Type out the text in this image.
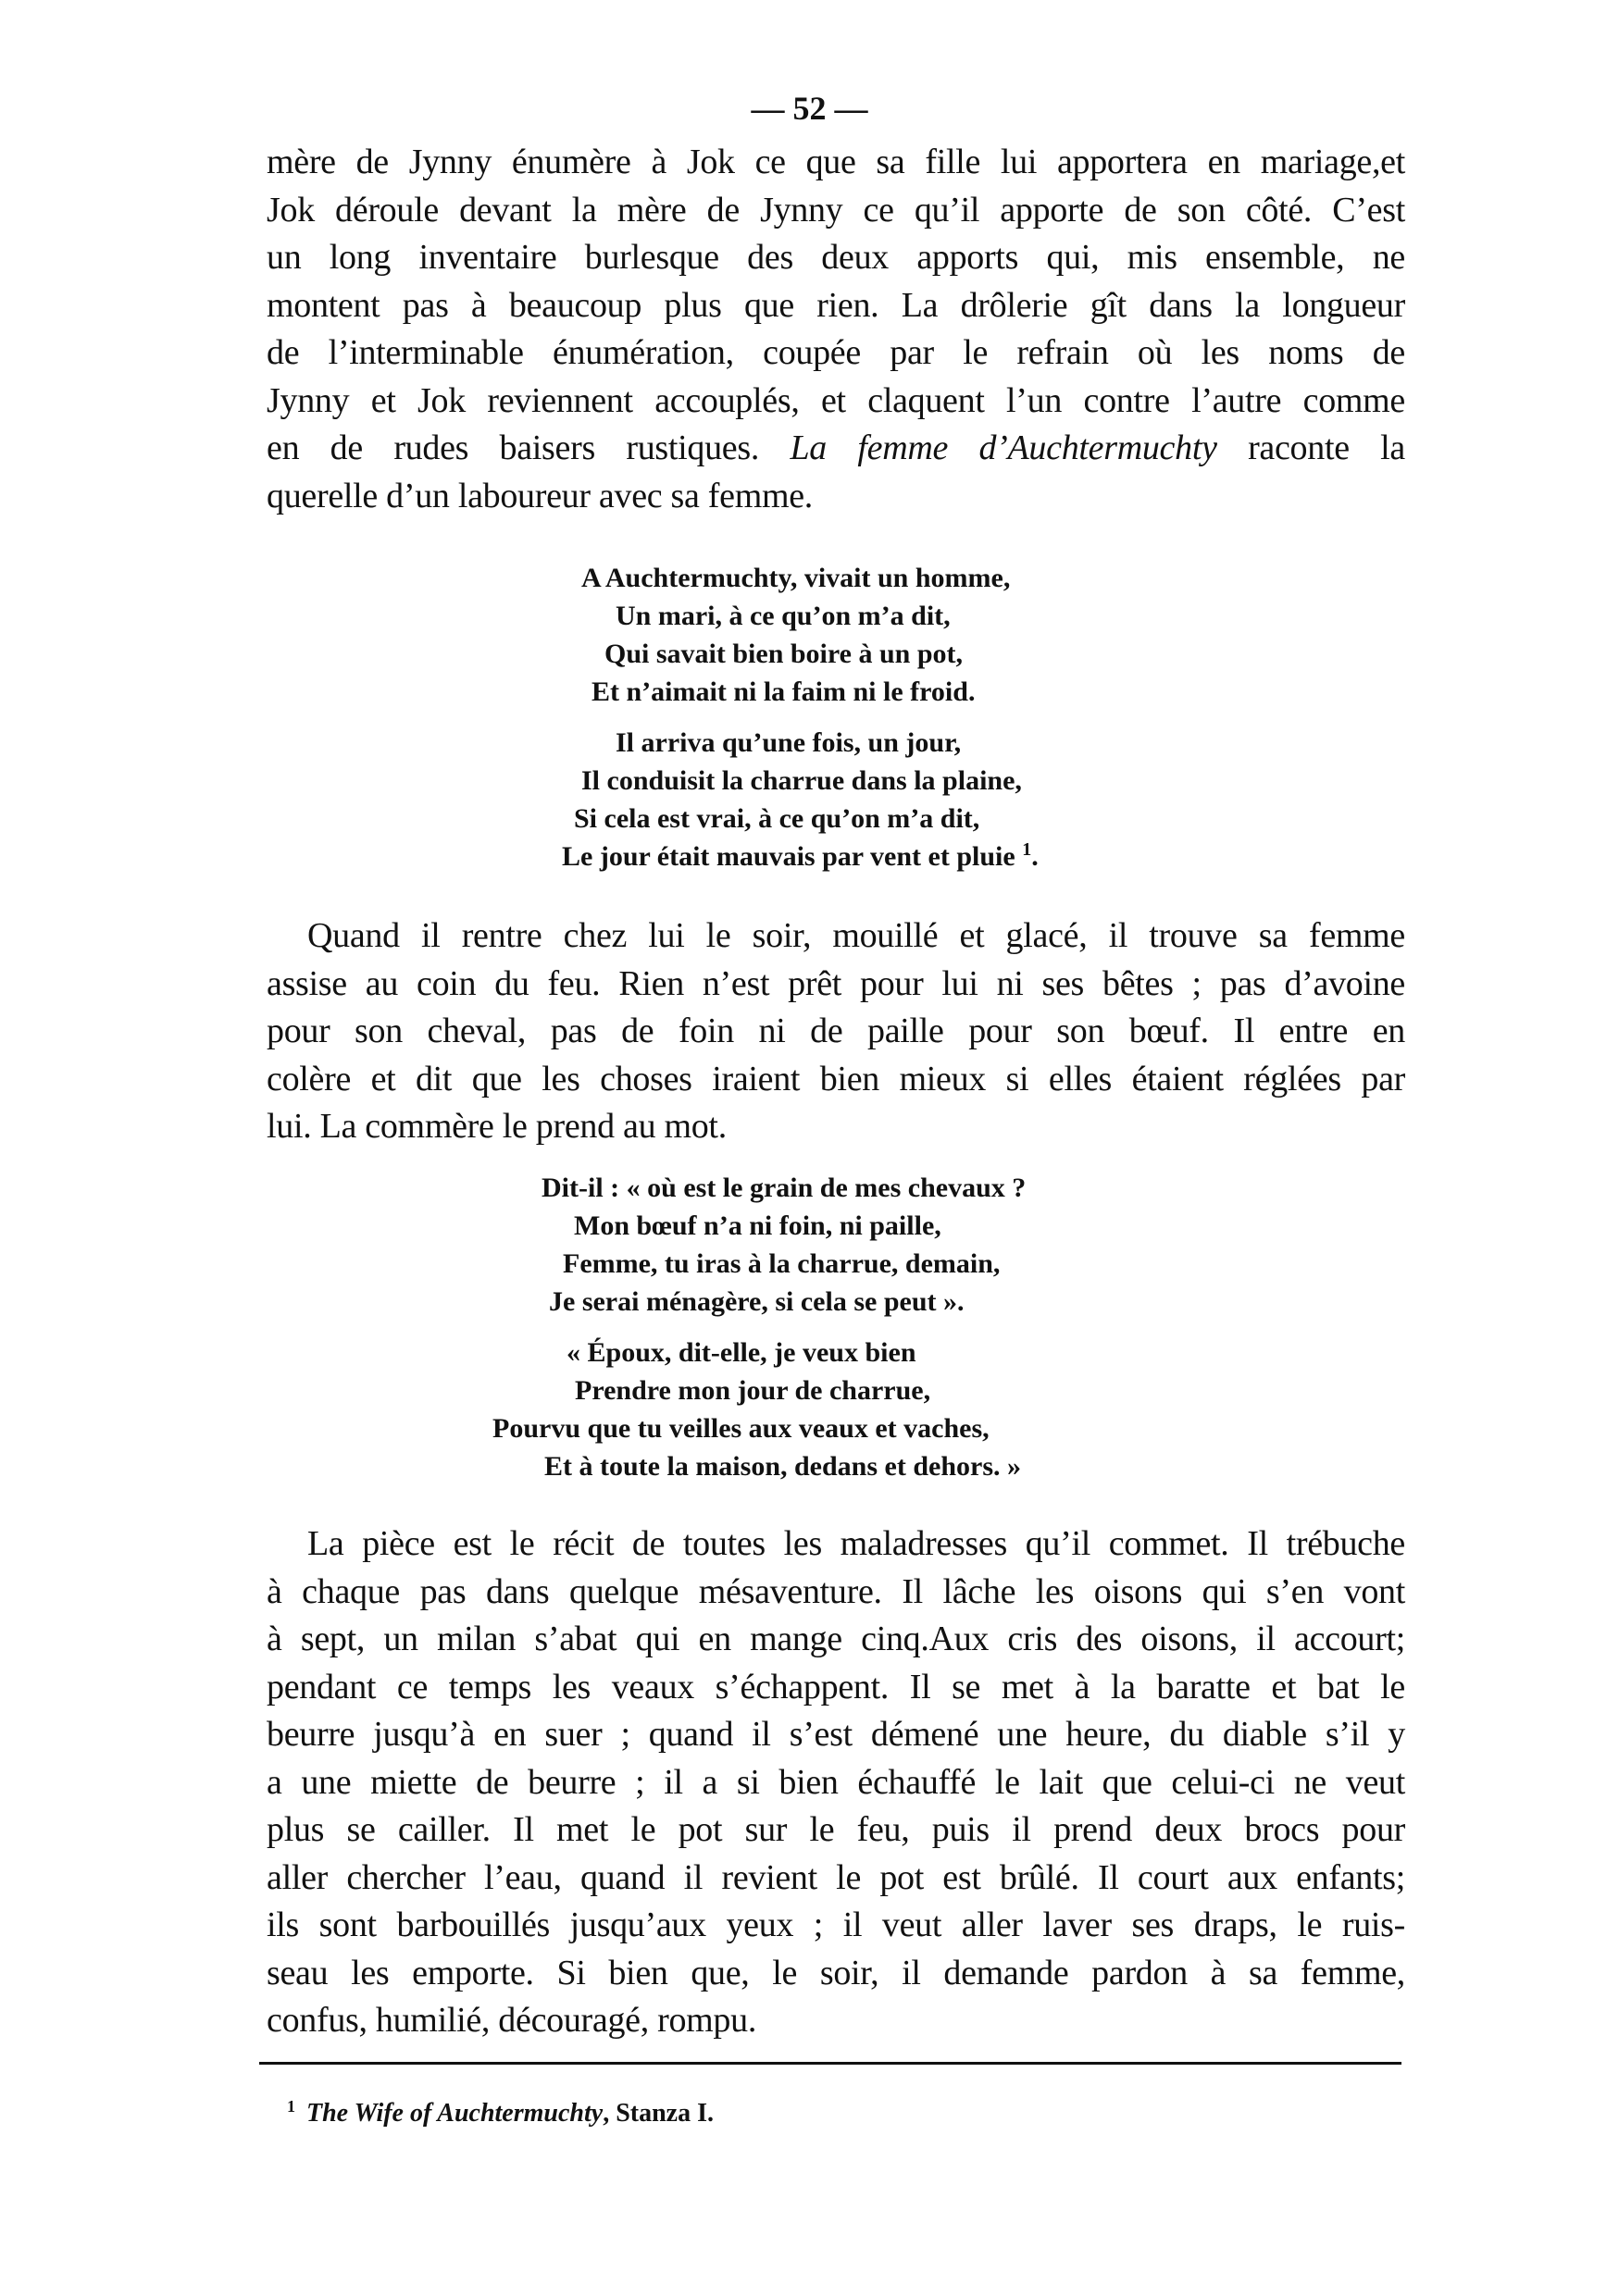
— 52 —

mère de Jynny énumère à Jok ce que sa fille lui apportera en mariage,et
Jok déroule devant la mère de Jynny ce qu’il apporte de son côté. C’est
un long inventaire burlesque des deux apports qui, mis ensemble, ne
montent pas à beaucoup plus que rien. La drôlerie gît dans la longueur
de l’interminable énumération, coupée par le refrain où les noms de
Jynny et Jok reviennent accouplés, et claquent l’un contre l’autre comme
en de rudes baisers rustiques. La femme d’Auchtermuchty raconte la
querelle d’un laboureur avec sa femme.

A Auchtermuchty, vivait un homme,
Un mari, à ce qu’on m’a dit,
Qui savait bien boire à un pot,
Et n’aimait ni la faim ni le froid.
Il arriva qu’une fois, un jour,
Il conduisit la charrue dans la plaine,
Si cela est vrai, à ce qu’on m’a dit,
Le jour était mauvais par vent et pluie $^1$.

Quand il rentre chez lui le soir, mouillé et glacé, il trouve sa femme
assise au coin du feu. Rien n’est prêt pour lui ni ses bêtes ; pas d’avoine
pour son cheval, pas de foin ni de paille pour son bœuf. Il entre en
colère et dit que les choses iraient bien mieux si elles étaient réglées par
lui. La commère le prend au mot.

Dit-il : « où est le grain de mes chevaux ?
Mon bœuf n’a ni foin, ni paille,
Femme, tu iras à la charrue, demain,
Je serai ménagère, si cela se peut ».
« Époux, dit-elle, je veux bien
Prendre mon jour de charrue,
Pourvu que tu veilles aux veaux et vaches,
Et à toute la maison, dedans et dehors. »

La pièce est le récit de toutes les maladresses qu’il commet. Il trébuche
à chaque pas dans quelque mésaventure. Il lâche les oisons qui s’en vont
à sept, un milan s’abat qui en mange cinq.Aux cris des oisons, il accourt;
pendant ce temps les veaux s’échappent. Il se met à la baratte et bat le
beurre jusqu’à en suer ; quand il s’est démené une heure, du diable s’il y
a une miette de beurre ; il a si bien échauffé le lait que celui-ci ne veut
plus se cailler. Il met le pot sur le feu, puis il prend deux brocs pour
aller chercher l’eau, quand il revient le pot est brûlé. Il court aux enfants;
ils sont barbouillés jusqu’aux yeux ; il veut aller laver ses draps, le ruis-
seau les emporte. Si bien que, le soir, il demande pardon à sa femme,
confus, humilié, découragé, rompu.

$^1$ The Wife of Auchtermuchty, Stanza I.
